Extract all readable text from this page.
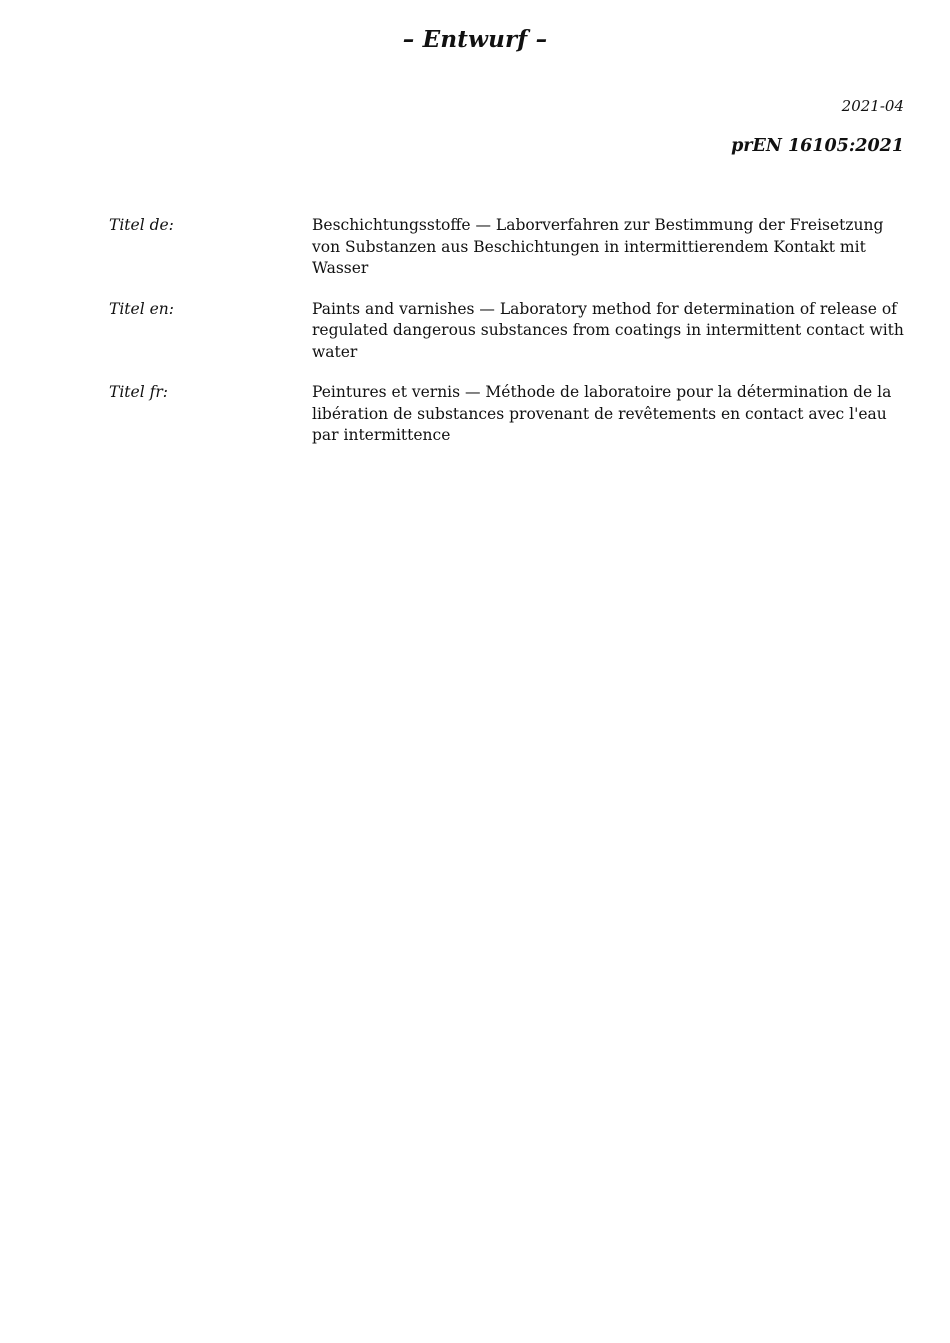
– Entwurf –
2021-04
prEN 16105:2021
Titel de:	Beschichtungsstoffe — Laborverfahren zur Bestimmung der Freisetzung von Substanzen aus Beschichtungen in intermittierendem Kontakt mit Wasser
Titel en:	Paints and varnishes — Laboratory method for determination of release of regulated dangerous substances from coatings in intermittent contact with water
Titel fr:	Peintures et vernis — Méthode de laboratoire pour la détermination de la libération de substances provenant de revêtements en contact avec l'eau par intermittence
